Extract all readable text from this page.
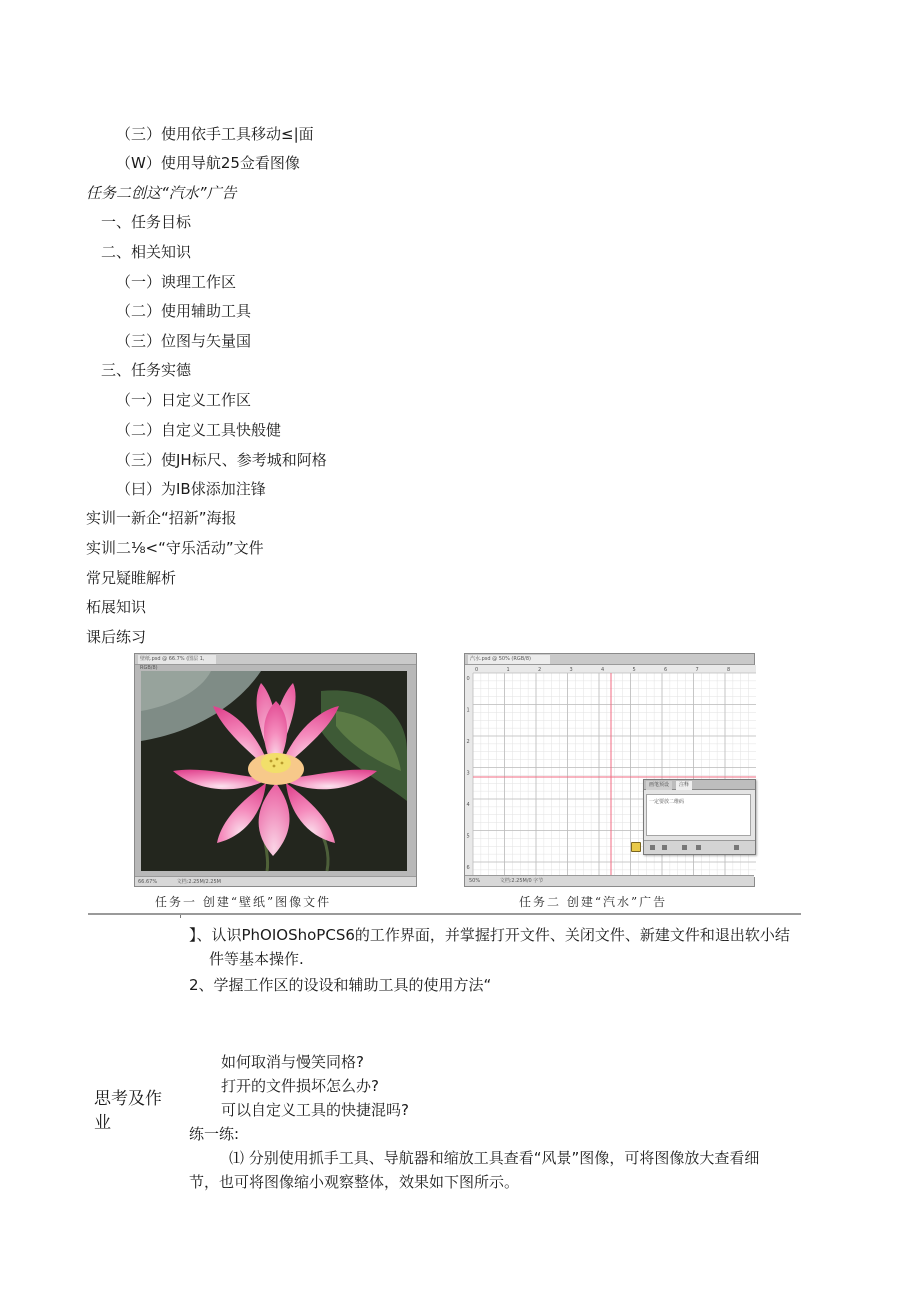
（三）使用依手工具移动≤|面
（W）使用导航25佥看图像
任务二创这“汽水”广告
一、任务目标
二、相关知识
（一）谀理工作区
（二）使用辅助工具
（三）位图与矢量国
三、任务实德
（一）日定义工作区
（二）自定义工具快般健
（三）使JH标尺、参考城和阿格
（曰）为IB俅添加注锋
实训一新企“招新”海报
实训二⅛<“守乐活动”文件
常兄疑睢解析
柘展知识
课后练习
壁纸.psd @ 66.7% (图层 1, RGB/8)
66.67%	文档:2.25M/2.25M
汽水.psd @ 50% (RGB/8)
0	1	2	3	4	5	6	7	8
0
1
2
3
4
5
6
画笔预设	注释
一定要放二维码
50%	文档:2.25M/0 字节
任务一 创建“壁纸”图像文件	任务二 创建“汽水”广告
】、认识PhOIOShoPCS6的工作界面，并掌握打开文件、关闭文件、新建文件和退出软小结
件等基本操作.
2、学握工作区的设设和辅助工具的使用方法“
如何取消与慢笑同格?
打开的文件损坏怎么办?
可以自定义工具的快捷混吗?
思考及作
业
练一练:
⑴ 分别使用抓手工具、导航器和缩放工具查看“风景”图像，可将图像放大查看细
节，也可将图像缩小观察整体，效果如下图所示。
